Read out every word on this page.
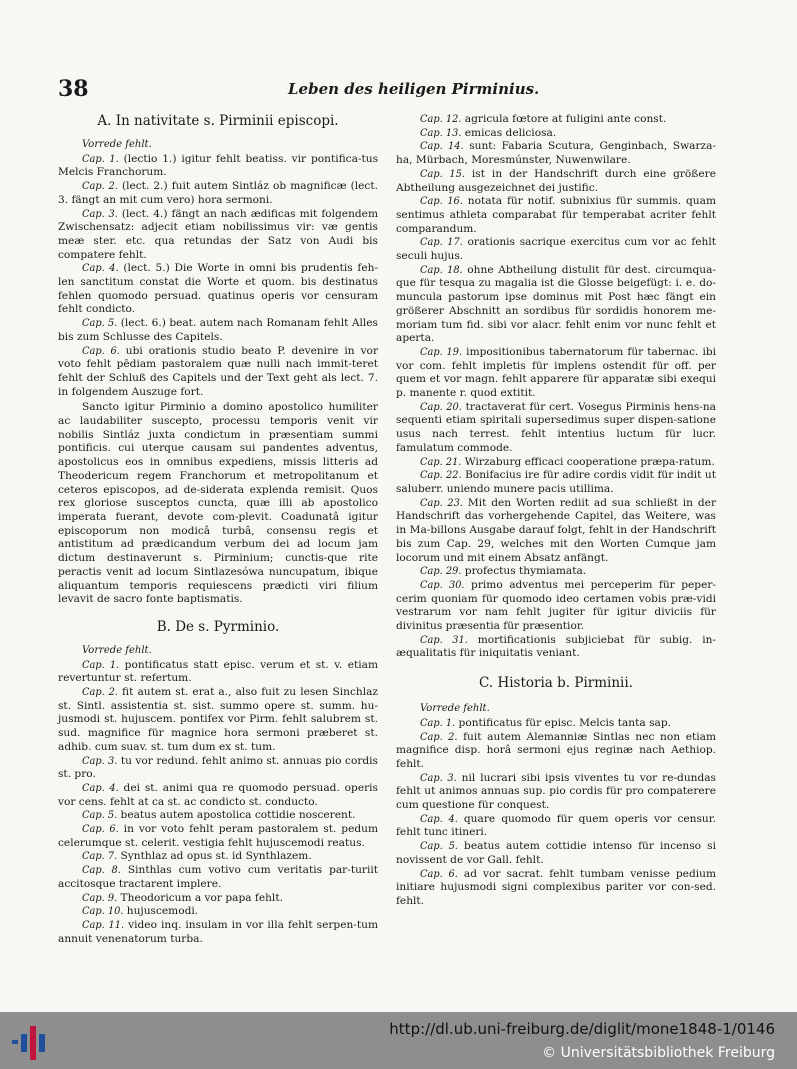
38	Leben des heiligen Pirminius.
A. In nativitate s. Pirminii episcopi.
Vorrede fehlt.

Cap. 1. (lectio 1.) igitur fehlt beatiss. vir pontifica-tus Melcis Franchorum.

Cap. 2. (lect. 2.) fuit autem Sintláz ob magnificæ (lect. 3. fängt an mit cum vero) hora sermoni.

Cap. 3. (lect. 4.) fängt an nach ædificas mit folgendem Zwischensatz: adjecit etiam nobilissimus vir: væ gentis meæ ster. etc. qua retundas der Satz von Audi bis compatere fehlt.

Cap. 4. (lect. 5.) Die Worte in omni bis prudentis feh-len sanctitum constat die Worte et quom. bis destinatus fehlen quomodo persuad. quatinus operis vor censuram fehlt condicto.

Cap. 5. (lect. 6.) beat. autem nach Romanam fehlt Alles bis zum Schlusse des Capitels.

Cap. 6. ubi orationis studio beato P. devenire in vor voto fehlt pēdiam pastoralem quæ nulli nach immit-teret fehlt der Schluß des Capitels und der Text geht als lect. 7. in folgendem Auszuge fort.

Sancto igitur Pirminio a domino apostolico humiliter ac laudabiliter suscepto, processu temporis venit vir nobilis Sintláz juxta condictum in præsentiam summi pontificis. cui uterque causam sui pandentes adventus, apostolicus eos in omnibus expediens, missis litteris ad Theodericum regem Franchorum et metropolitanum et ceteros episcopos, ad de-siderata explenda remisit. Quos rex gloriose susceptos cuncta, quæ illi ab apostolico imperata fuerant, devote com-plevit. Coadunatâ igitur episcoporum non modicâ turbâ, consensu regis et antistitum ad prædicandum verbum dei ad locum jam dictum destinaverunt s. Pirminium; cunctis-que rite peractis venit ad locum Sintlazesówa nuncupatum, ibique aliquantum temporis requiescens prædicti viri filium levavit de sacro fonte baptismatis.

B. De s. Pyrminio.
Vorrede fehlt.

Cap. 1. pontificatus statt episc. verum et st. v. etiam revertuntur st. refertum.

Cap. 2. fit autem st. erat a., also fuit zu lesen Sinchlaz st. Sintl. assistentia st. sist. summo opere st. summ. hu-jusmodi st. hujuscem. pontifex vor Pirm. fehlt salubrem st. sud. magnifice für magnice hora sermoni præberet st. adhib. cum suav. st. tum dum ex st. tum.

Cap. 3. tu vor redund. fehlt animo st. annuas pio cordis st. pro.

Cap. 4. dei st. animi qua re quomodo persuad. operis vor cens. fehlt at ca st. ac condicto st. conducto.

Cap. 5. beatus autem apostolica cottidie noscerent.

Cap. 6. in vor voto fehlt peram pastoralem st. pedum celerumque st. celerit. vestigia fehlt hujuscemodi reatus.

Cap. 7. Synthlaz ad opus st. id Synthlazem.

Cap. 8. Sinthlas cum votivo cum veritatis par-turiit accitosque tractarent implere.

Cap. 9. Theodoricum a vor papa fehlt.

Cap. 10. hujuscemodi.

Cap. 11. video inq. insulam in vor illa fehlt serpen-tum annuit venenatorum turba.

Cap. 12. agricula fœtore at fuligini ante const.

Cap. 13. emicas deliciosa.

Cap. 14. sunt: Fabaria Scutura, Genginbach, Swarza-ha, Mürbach, Moresmúnster, Nuwenwilare.

Cap. 15. ist in der Handschrift durch eine größere Abtheilung ausgezeichnet dei justific.

Cap. 16. notata für notif. subnixius für summis. quam sentimus athleta comparabat für temperabat acriter fehlt comparandum.

Cap. 17. orationis sacrique exercitus cum vor ac fehlt seculi hujus.

Cap. 18. ohne Abtheilung distulit für dest. circumqua-que für tesqua zu magalia ist die Glosse beigefügt: i. e. do-muncula pastorum ipse dominus mit Post hæc fängt ein größerer Abschnitt an sordibus für sordidis honorem me-moriam tum fid. sibi vor alacr. fehlt enim vor nunc fehlt et aperta.

Cap. 19. impositionibus tabernatorum für tabernac. ibi vor com. fehlt impletis für implens ostendit für off. per quem et vor magn. fehlt apparere für apparatæ sibi exequi p. manente r. quod extitit.

Cap. 20. tractaverat für cert. Vosegus Pirminis hens-na sequenti etiam spiritali supersedimus super dispen-satione usus nach terrest. fehlt intentius luctum für lucr. famulatum commode.

Cap. 21. Wirzaburg efficaci cooperatione præpa-ratum.

Cap. 22. Bonifacius ire für adire cordis vidit für indit ut saluberr. uniendo munere pacis utillima.

Cap. 23. Mit den Worten rediit ad sua schließt in der Handschrift das vorhergehende Capitel, das Weitere, was in Ma-billons Ausgabe darauf folgt, fehlt in der Handschrift bis zum Cap. 29, welches mit den Worten Cumque jam locorum und mit einem Absatz anfängt.

Cap. 29. profectus thymiamata.

Cap. 30. primo adventus mei perceperim für peper-cerim quoniam für quomodo ideo certamen vobis præ-vidi vestrarum vor nam fehlt jugiter für igitur diviciis für divinitus præsentia für præsentior.

Cap. 31. mortificationis subjiciebat für subig. in-æqualitatis für iniquitatis veniant.

C. Historia b. Pirminii.
Vorrede fehlt.

Cap. 1. pontificatus für episc. Melcis tanta sap.

Cap. 2. fuit autem Alemanniæ Sintlas nec non etiam magnifice disp. horâ sermoni ejus reginæ nach Aethiop. fehlt.

Cap. 3. nil lucrari sibi ipsis viventes tu vor re-dundas fehlt ut animos annuas sup. pio cordis für pro compaterere cum questione für conquest.

Cap. 4. quare quomodo für quem operis vor censur. fehlt tunc itineri.

Cap. 5. beatus autem cottidie intenso für incenso si novissent de vor Gall. fehlt.

Cap. 6. ad vor sacrat. fehlt tumbam venisse pedium initiare hujusmodi signi complexibus pariter vor con-sed. fehlt.

http://dl.ub.uni-freiburg.de/diglit/mone1848-1/0146
© Universitätsbibliothek Freiburg
